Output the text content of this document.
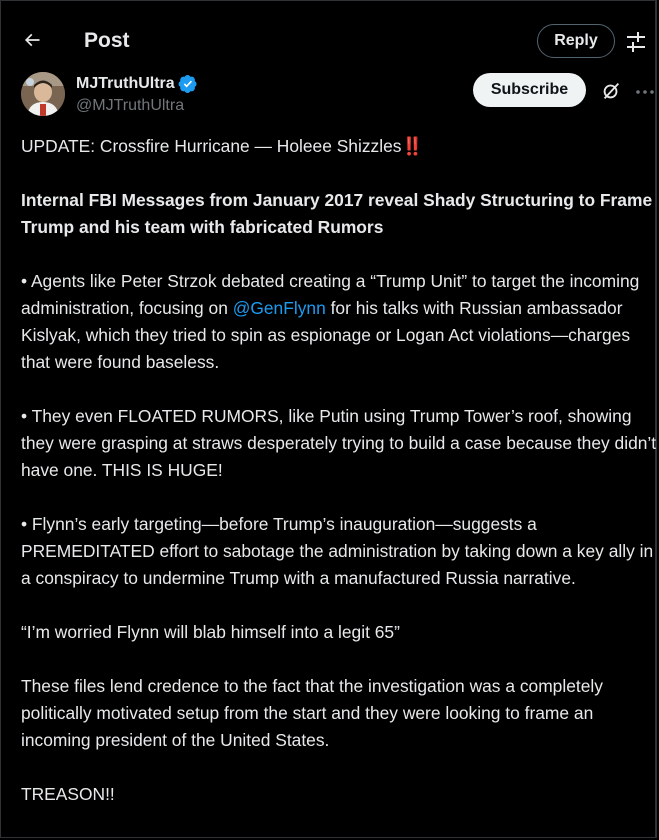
Post	Reply
MJTruthUltra
@MJTruthUltra
Subscribe

UPDATE: Crossfire Hurricane — Holeee Shizzles‼️

Internal FBI Messages from January 2017 reveal Shady Structuring to Frame Trump and his team with fabricated Rumors

• Agents like Peter Strzok debated creating a “Trump Unit” to target the incoming administration, focusing on @GenFlynn for his talks with Russian ambassador Kislyak, which they tried to spin as espionage or Logan Act violations—charges that were found baseless.

• They even FLOATED RUMORS, like Putin using Trump Tower’s roof, showing they were grasping at straws desperately trying to build a case because they didn’t have one. THIS IS HUGE!

• Flynn’s early targeting—before Trump’s inauguration—suggests a PREMEDITATED effort to sabotage the administration by taking down a key ally in a conspiracy to undermine Trump with a manufactured Russia narrative.

“I’m worried Flynn will blab himself into a legit 65”

These files lend credence to the fact that the investigation was a completely politically motivated setup from the start and they were looking to frame an incoming president of the United States.

TREASON!!
